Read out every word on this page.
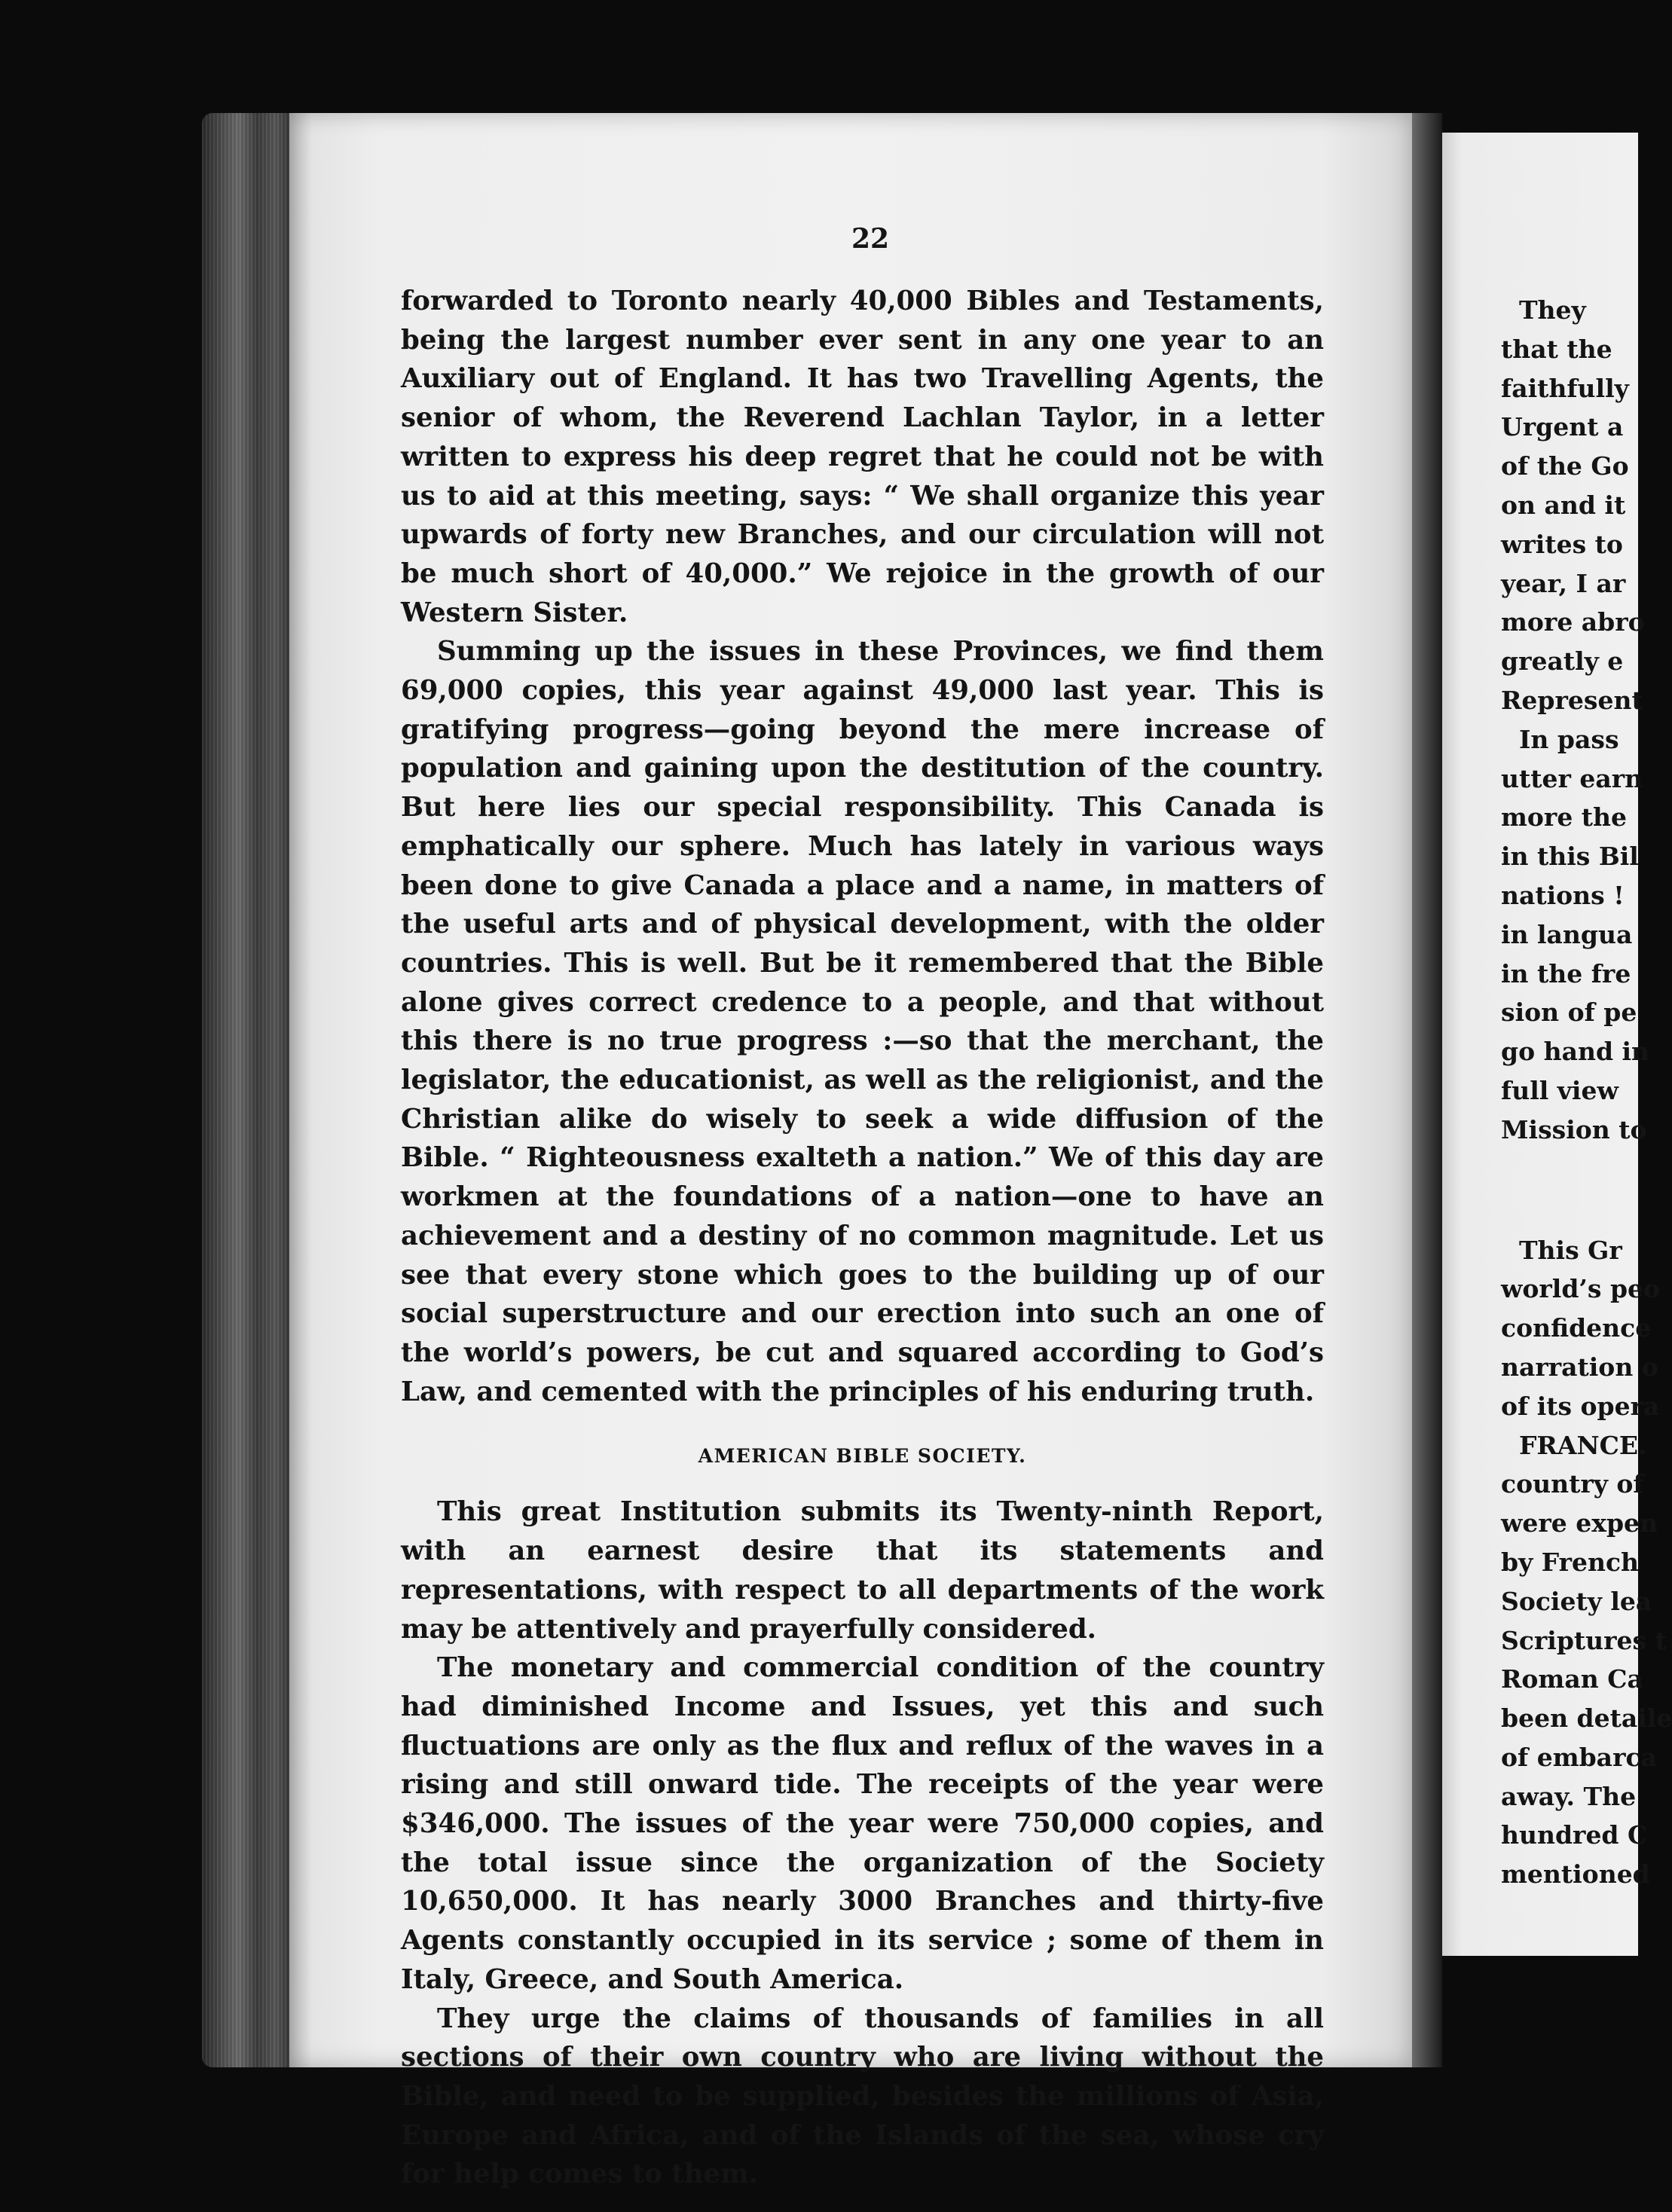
22

forwarded to Toronto nearly 40,000 Bibles and Testaments, being the largest number ever sent in any one year to an Auxiliary out of England. It has two Travelling Agents, the senior of whom, the Reverend Lachlan Taylor, in a letter written to express his deep regret that he could not be with us to aid at this meeting, says: “ We shall organize this year upwards of forty new Branches, and our circulation will not be much short of 40,000.” We rejoice in the growth of our Western Sister.

Summing up the issues in these Provinces, we find them 69,000 copies, this year against 49,000 last year. This is gratifying progress—going beyond the mere increase of population and gaining upon the destitution of the country. But here lies our special responsibility. This Canada is emphatically our sphere. Much has lately in various ways been done to give Canada a place and a name, in matters of the useful arts and of physical development, with the older countries. This is well. But be it remembered that the Bible alone gives correct credence to a people, and that without this there is no true progress :—so that the merchant, the legislator, the educationist, as well as the religionist, and the Christian alike do wisely to seek a wide diffusion of the Bible. “ Righteousness exalteth a nation.” We of this day are workmen at the foundations of a nation—one to have an achievement and a destiny of no common magnitude. Let us see that every stone which goes to the building up of our social superstructure and our erection into such an one of the world’s powers, be cut and squared according to God’s Law, and cemented with the principles of his enduring truth.

AMERICAN BIBLE SOCIETY.

This great Institution submits its Twenty-ninth Report, with an earnest desire that its statements and representations, with respect to all departments of the work may be attentively and prayerfully considered.

The monetary and commercial condition of the country had diminished Income and Issues, yet this and such fluctuations are only as the flux and reflux of the waves in a rising and still onward tide. The receipts of the year were $346,000. The issues of the year were 750,000 copies, and the total issue since the organization of the Society 10,650,000. It has nearly 3000 Branches and thirty-five Agents constantly occupied in its service ; some of them in Italy, Greece, and South America.

They urge the claims of thousands of families in all sections of their own country who are living without the Bible, and need to be supplied, besides the millions of Asia, Europe and Africa, and of the Islands of the sea, whose cry for help comes to them.

They
that the
faithfully
Urgent a
of the Go
on and it
writes to
year, I ar
more abro
greatly e
Represent
In pass
utter earn
more the
in this Bil
nations !
in langua
in the fre
sion of pe
go hand in
full view
Mission to
This Gr
world’s peo
confidence
narration o
of its opera
FRANCE.
country of
were expen
by French
Society lea
Scriptures t
Roman Ca
been detaile
of embarca
away. The
hundred C
mentioned
